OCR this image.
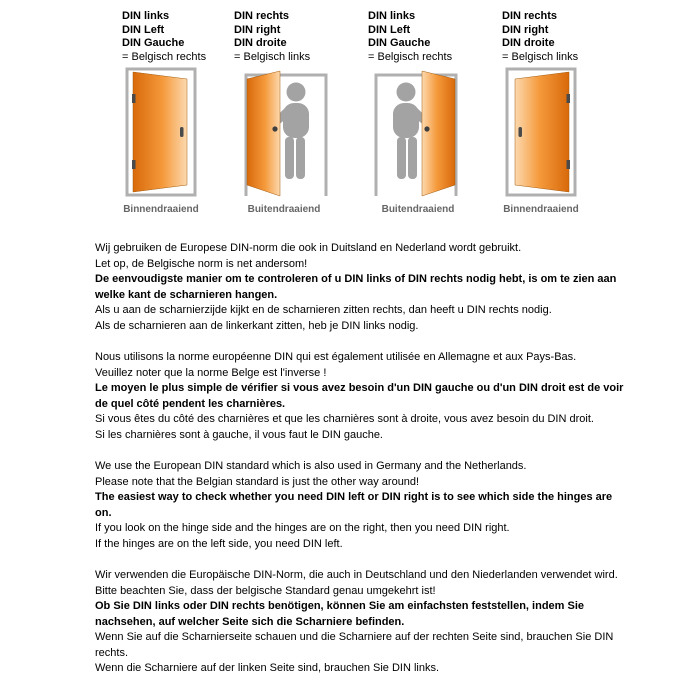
DIN links
DIN Left
DIN Gauche
= Belgisch rechts
Binnendraaiend
DIN rechts
DIN right
DIN droite
= Belgisch links
Buitendraaiend
DIN links
DIN Left
DIN Gauche
= Belgisch rechts
Buitendraaiend
DIN rechts
DIN right
DIN droite
= Belgisch links
Binnendraaiend
Wij gebruiken de Europese DIN-norm die ook in Duitsland en Nederland wordt gebruikt.
Let op, de Belgische norm is net andersom!
De eenvoudigste manier om te controleren of u DIN links of DIN rechts nodig hebt, is om te zien aan welke kant de scharnieren hangen.
Als u aan de scharnierzijde kijkt en de scharnieren zitten rechts, dan heeft u DIN rechts nodig.
Als de scharnieren aan de linkerkant zitten, heb je DIN links nodig.
Nous utilisons la norme européenne DIN qui est également utilisée en Allemagne et aux Pays-Bas.
Veuillez noter que la norme Belge est l'inverse !
Le moyen le plus simple de vérifier si vous avez besoin d'un DIN gauche ou d'un DIN droit est de voir de quel côté pendent les charnières.
Si vous êtes du côté des charnières et que les charnières sont à droite, vous avez besoin du DIN droit.
Si les charnières sont à gauche, il vous faut le DIN gauche.
We use the European DIN standard which is also used in Germany and the Netherlands.
Please note that the Belgian standard is just the other way around!
The easiest way to check whether you need DIN left or DIN right is to see which side the hinges are on.
If you look on the hinge side and the hinges are on the right, then you need DIN right.
If the hinges are on the left side, you need DIN left.
Wir verwenden die Europäische DIN-Norm, die auch in Deutschland und den Niederlanden verwendet wird.
Bitte beachten Sie, dass der belgische Standard genau umgekehrt ist!
Ob Sie DIN links oder DIN rechts benötigen, können Sie am einfachsten feststellen, indem Sie nachsehen, auf welcher Seite sich die Scharniere befinden.
Wenn Sie auf die Scharnierseite schauen und die Scharniere auf der rechten Seite sind, brauchen Sie DIN rechts.
Wenn die Scharniere auf der linken Seite sind, brauchen Sie DIN links.
